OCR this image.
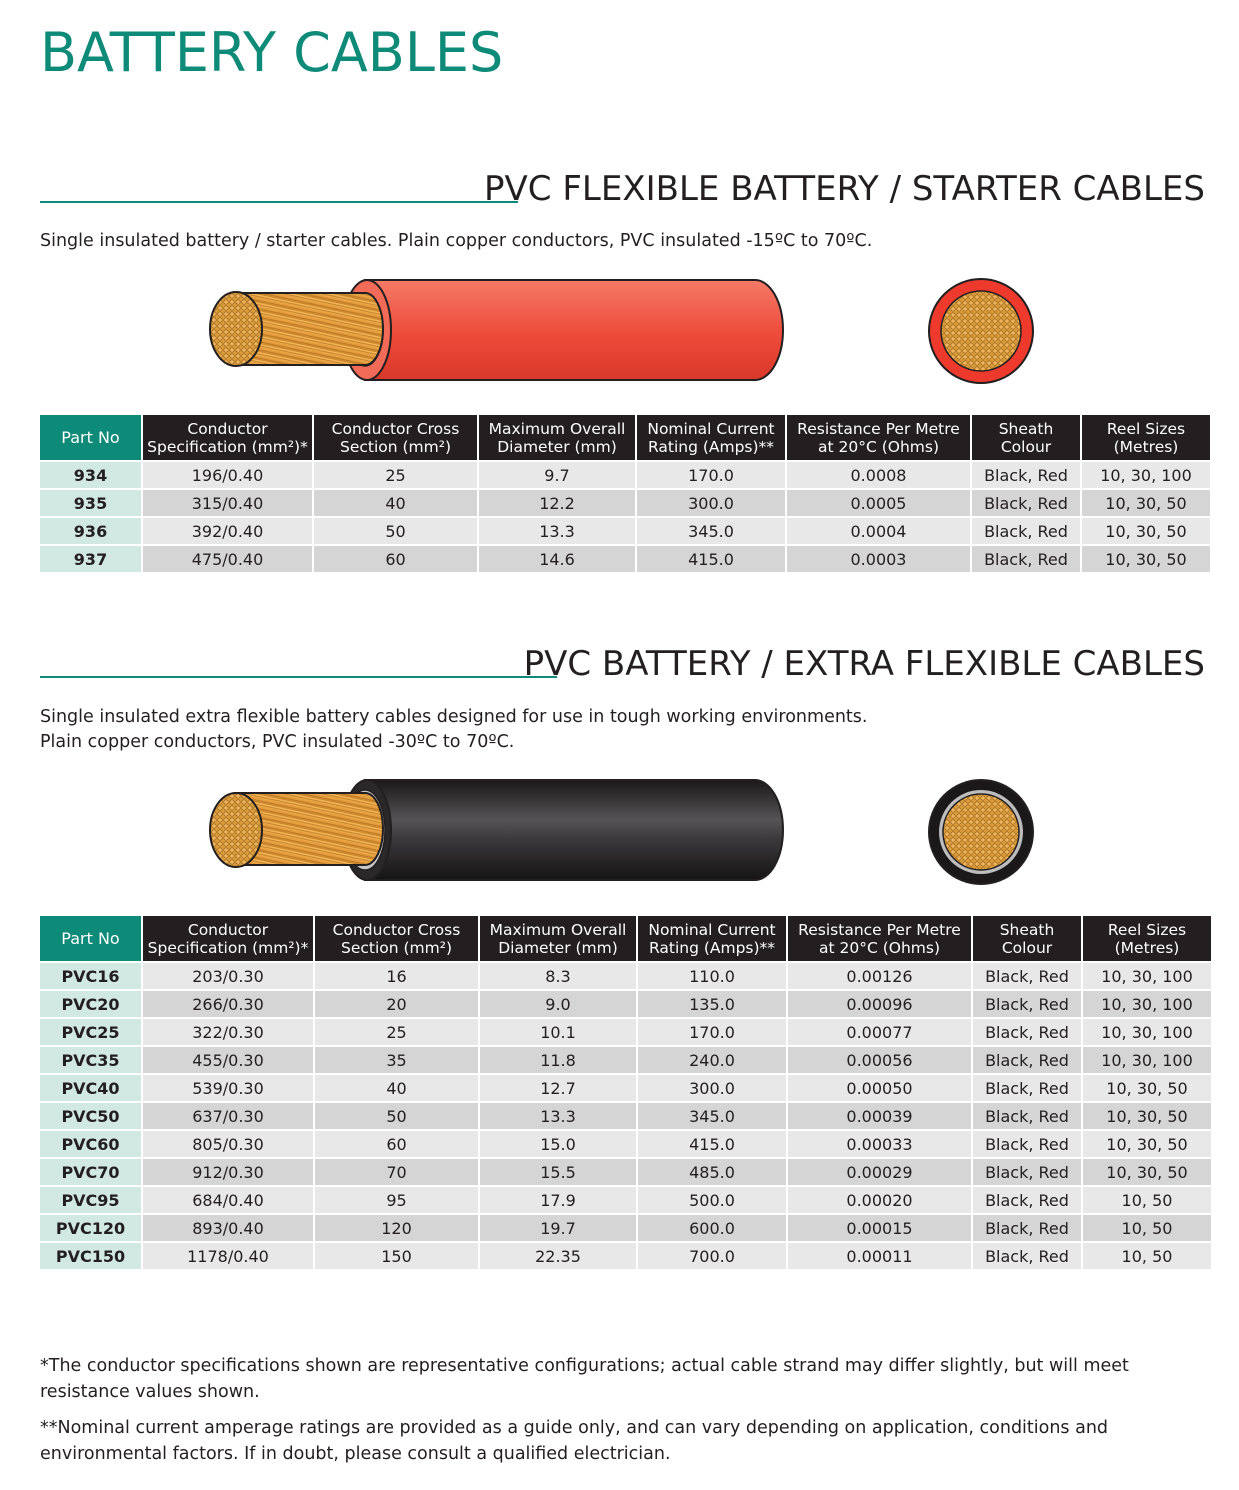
BATTERY CABLES
PVC FLEXIBLE BATTERY / STARTER CABLES

Single insulated battery / starter cables. Plain copper conductors, PVC insulated -15ºC to 70ºC.

Part No	Conductor Specification (mm²)*	Conductor Cross Section (mm²)	Maximum Overall Diameter (mm)	Nominal Current Rating (Amps)**	Resistance Per Metre at 20°C (Ohms)	Sheath Colour	Reel Sizes (Metres)
934	196/0.40	25	9.7	170.0	0.0008	Black, Red	10, 30, 100
935	315/0.40	40	12.2	300.0	0.0005	Black, Red	10, 30, 50
936	392/0.40	50	13.3	345.0	0.0004	Black, Red	10, 30, 50
937	475/0.40	60	14.6	415.0	0.0003	Black, Red	10, 30, 50
PVC BATTERY / EXTRA FLEXIBLE CABLES

Single insulated extra flexible battery cables designed for use in tough working environments.
Plain copper conductors, PVC insulated -30ºC to 70ºC.

Part No	Conductor Specification (mm²)*	Conductor Cross Section (mm²)	Maximum Overall Diameter (mm)	Nominal Current Rating (Amps)**	Resistance Per Metre at 20°C (Ohms)	Sheath Colour	Reel Sizes (Metres)
PVC16	203/0.30	16	8.3	110.0	0.00126	Black, Red	10, 30, 100
PVC20	266/0.30	20	9.0	135.0	0.00096	Black, Red	10, 30, 100
PVC25	322/0.30	25	10.1	170.0	0.00077	Black, Red	10, 30, 100
PVC35	455/0.30	35	11.8	240.0	0.00056	Black, Red	10, 30, 100
PVC40	539/0.30	40	12.7	300.0	0.00050	Black, Red	10, 30, 50
PVC50	637/0.30	50	13.3	345.0	0.00039	Black, Red	10, 30, 50
PVC60	805/0.30	60	15.0	415.0	0.00033	Black, Red	10, 30, 50
PVC70	912/0.30	70	15.5	485.0	0.00029	Black, Red	10, 30, 50
PVC95	684/0.40	95	17.9	500.0	0.00020	Black, Red	10, 50
PVC120	893/0.40	120	19.7	600.0	0.00015	Black, Red	10, 50
PVC150	1178/0.40	150	22.35	700.0	0.00011	Black, Red	10, 50

*The conductor specifications shown are representative configurations; actual cable strand may differ slightly, but will meet resistance values shown.

**Nominal current amperage ratings are provided as a guide only, and can vary depending on application, conditions and environmental factors. If in doubt, please consult a qualified electrician.
